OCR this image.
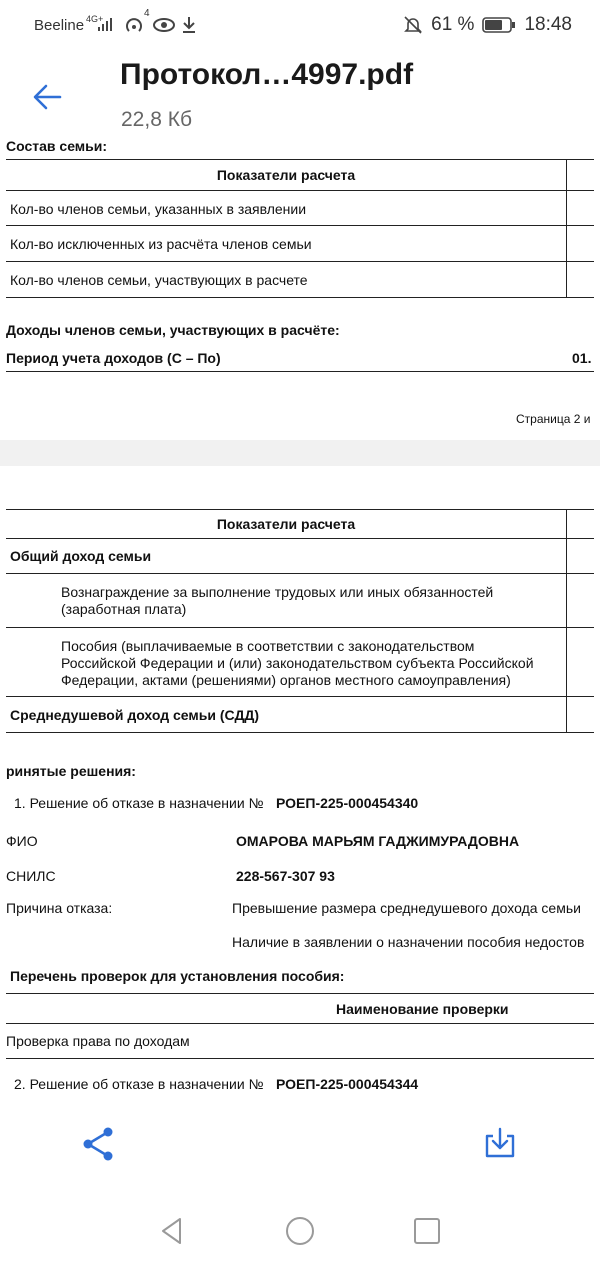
Beeline 4G+	4
61 %	18:48
Протокол…4997.pdf
22,8 Кб
Состав семьи:
Показатели расчета
Кол-во членов семьи, указанных в заявлении
Кол-во исключенных из расчёта членов семьи
Кол-во членов семьи, участвующих в расчете
Доходы членов семьи, участвующих в расчёте:
Период учета доходов (С – По)	01.
Страница 2 и
Показатели расчета
Общий доход семьи
Вознаграждение за выполнение трудовых или иных обязанностей
(заработная плата)
Пособия (выплачиваемые в соответствии с законодательством
Российской Федерации и (или) законодательством субъекта Российской
Федерации, актами (решениями) органов местного самоуправления)
Среднедушевой доход семьи (СДД)
ринятые решения:
1. Решение об отказе в назначении № РОЕП-225-000454340
ФИО	ОМАРОВА МАРЬЯМ ГАДЖИМУРАДОВНА
СНИЛС	228-567-307 93
Причина отказа:	Превышение размера среднедушевого дохода семьи
Наличие в заявлении о назначении пособия недостов
Перечень проверок для установления пособия:
Наименование проверки
Проверка права по доходам
2. Решение об отказе в назначении № РОЕП-225-000454344
